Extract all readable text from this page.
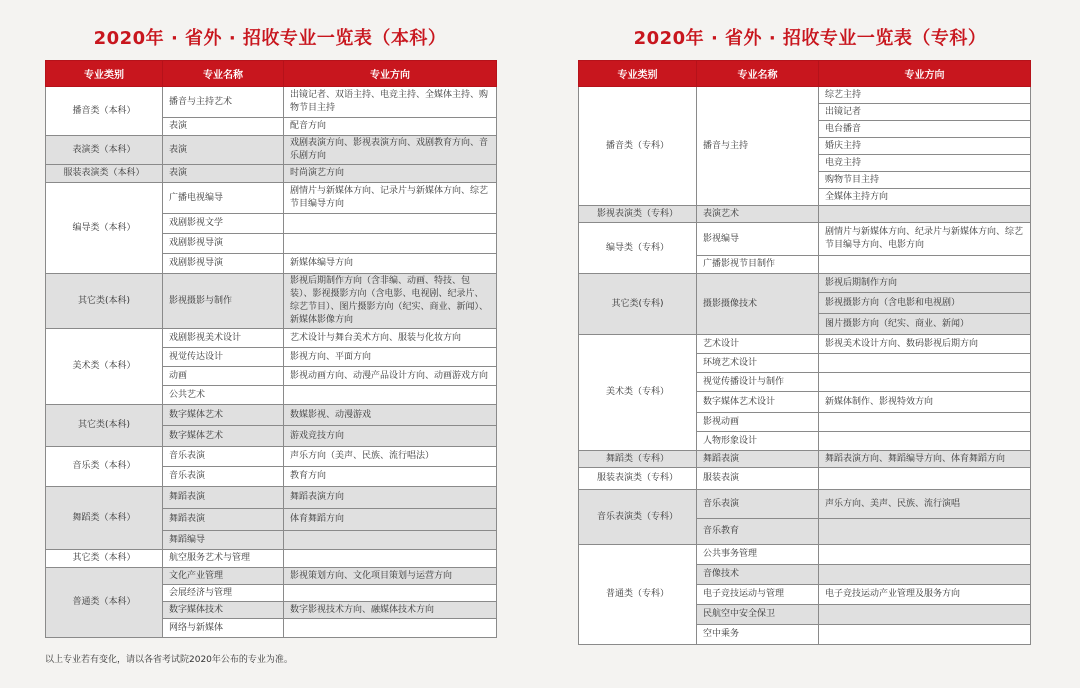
2020年 · 省外 · 招收专业一览表（本科）
专业类别	专业名称	专业方向
播音类（本科）	播音与主持艺术	出镜记者、双语主持、电竞主持、全媒体主持、购物节目主持
	表演	配音方向
表演类（本科）	表演	戏剧表演方向、影视表演方向、戏剧教育方向、音乐剧方向
服装表演类（本科）	表演	时尚演艺方向
编导类（本科）	广播电视编导	剧情片与新媒体方向、记录片与新媒体方向、综艺节目编导方向
	戏剧影视文学	
	戏剧影视导演	
	戏剧影视导演	新媒体编导方向
其它类(本科)	影视摄影与制作	影视后期制作方向（含非编、动画、特技、包装）、影视摄影方向（含电影、电视剧、纪录片、综艺节目）、图片摄影方向（纪实、商业、新闻）、新媒体影像方向
美术类（本科）	戏剧影视美术设计	艺术设计与舞台美术方向、服装与化妆方向
	视觉传达设计	影视方向、平面方向
	动画	影视动画方向、动漫产品设计方向、动画游戏方向
	公共艺术	
其它类(本科)	数字媒体艺术	数媒影视、动漫游戏
	数字媒体艺术	游戏竞技方向
音乐类（本科）	音乐表演	声乐方向（美声、民族、流行唱法）
	音乐表演	教育方向
舞蹈类（本科）	舞蹈表演	舞蹈表演方向
	舞蹈表演	体育舞蹈方向
	舞蹈编导	
其它类（本科）	航空服务艺术与管理	
普通类（本科）	文化产业管理	影视策划方向、文化项目策划与运营方向
	会展经济与管理	
	数字媒体技术	数字影视技术方向、融媒体技术方向
	网络与新媒体	
以上专业若有变化，请以各省考试院2020年公布的专业为准。
2020年 · 省外 · 招收专业一览表（专科）
专业类别	专业名称	专业方向
播音类（专科）	播音与主持	综艺主持
		出镜记者
		电台播音
		婚庆主持
		电竞主持
		购物节目主持
		全媒体主持方向
影视表演类（专科）	表演艺术	
编导类（专科）	影视编导	剧情片与新媒体方向、纪录片与新媒体方向、综艺节目编导方向、电影方向
	广播影视节目制作	
其它类(专科)	摄影摄像技术	影视后期制作方向
		影视摄影方向（含电影和电视剧）
		图片摄影方向（纪实、商业、新闻）
美术类（专科）	艺术设计	影视美术设计方向、数码影视后期方向
	环境艺术设计	
	视觉传播设计与制作	
	数字媒体艺术设计	新媒体制作、影视特效方向
	影视动画	
	人物形象设计	
舞蹈类（专科）	舞蹈表演	舞蹈表演方向、舞蹈编导方向、体育舞蹈方向
服装表演类（专科）	服装表演	
音乐表演类（专科）	音乐表演	声乐方向、美声、民族、流行演唱
	音乐教育	
普通类（专科）	公共事务管理	
	音像技术	
	电子竞技运动与管理	电子竞技运动产业管理及服务方向
	民航空中安全保卫	
	空中乘务	
